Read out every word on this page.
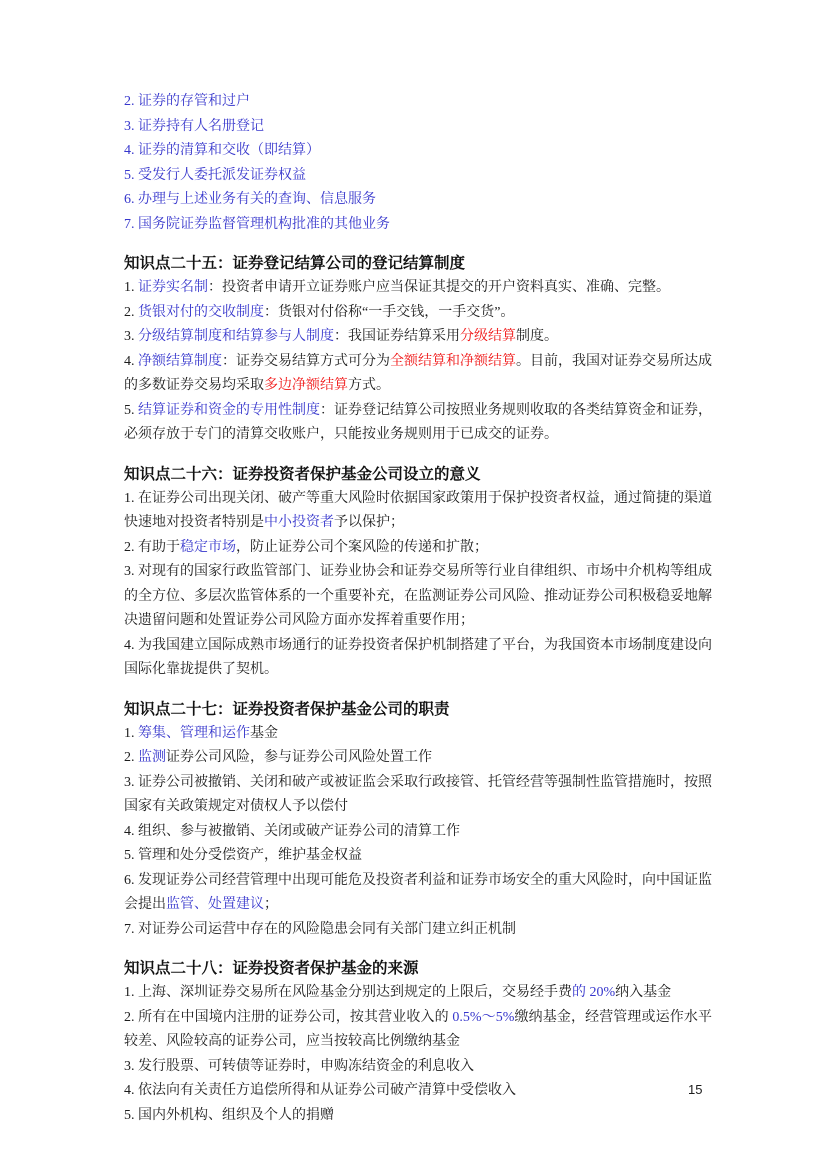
2. 证券的存管和过户

3. 证券持有人名册登记

4. 证券的清算和交收（即结算）

5. 受发行人委托派发证券权益

6. 办理与上述业务有关的查询、信息服务

7. 国务院证券监督管理机构批准的其他业务

知识点二十五：证券登记结算公司的登记结算制度

1. 证券实名制：投资者申请开立证券账户应当保证其提交的开户资料真实、准确、完整。

2. 货银对付的交收制度：货银对付俗称“一手交钱，一手交货”。

3. 分级结算制度和结算参与人制度：我国证券结算采用分级结算制度。

4. 净额结算制度：证券交易结算方式可分为全额结算和净额结算。目前，我国对证券交易所达成的多数证券交易均采取多边净额结算方式。

5. 结算证券和资金的专用性制度：证券登记结算公司按照业务规则收取的各类结算资金和证券，必须存放于专门的清算交收账户，只能按业务规则用于已成交的证券。

知识点二十六：证券投资者保护基金公司设立的意义

1. 在证券公司出现关闭、破产等重大风险时依据国家政策用于保护投资者权益，通过简捷的渠道快速地对投资者特别是中小投资者予以保护；

2. 有助于稳定市场，防止证券公司个案风险的传递和扩散；

3. 对现有的国家行政监管部门、证券业协会和证券交易所等行业自律组织、市场中介机构等组成的全方位、多层次监管体系的一个重要补充，在监测证券公司风险、推动证券公司积极稳妥地解决遗留问题和处置证券公司风险方面亦发挥着重要作用；

4. 为我国建立国际成熟市场通行的证券投资者保护机制搭建了平台，为我国资本市场制度建设向国际化靠拢提供了契机。

知识点二十七：证券投资者保护基金公司的职责

1. 筹集、管理和运作基金

2. 监测证券公司风险，参与证券公司风险处置工作

3. 证券公司被撤销、关闭和破产或被证监会采取行政接管、托管经营等强制性监管措施时，按照国家有关政策规定对债权人予以偿付

4. 组织、参与被撤销、关闭或破产证券公司的清算工作

5. 管理和处分受偿资产，维护基金权益

6. 发现证券公司经营管理中出现可能危及投资者利益和证券市场安全的重大风险时，向中国证监会提出监管、处置建议；

7. 对证券公司运营中存在的风险隐患会同有关部门建立纠正机制

知识点二十八：证券投资者保护基金的来源

1. 上海、深圳证券交易所在风险基金分别达到规定的上限后，交易经手费的 20%纳入基金

2. 所有在中国境内注册的证券公司，按其营业收入的 0.5%～5%缴纳基金，经营管理或运作水平较差、风险较高的证券公司，应当按较高比例缴纳基金

3. 发行股票、可转债等证券时，申购冻结资金的利息收入

4. 依法向有关责任方追偿所得和从证券公司破产清算中受偿收入

5. 国内外机构、组织及个人的捐赠

15
